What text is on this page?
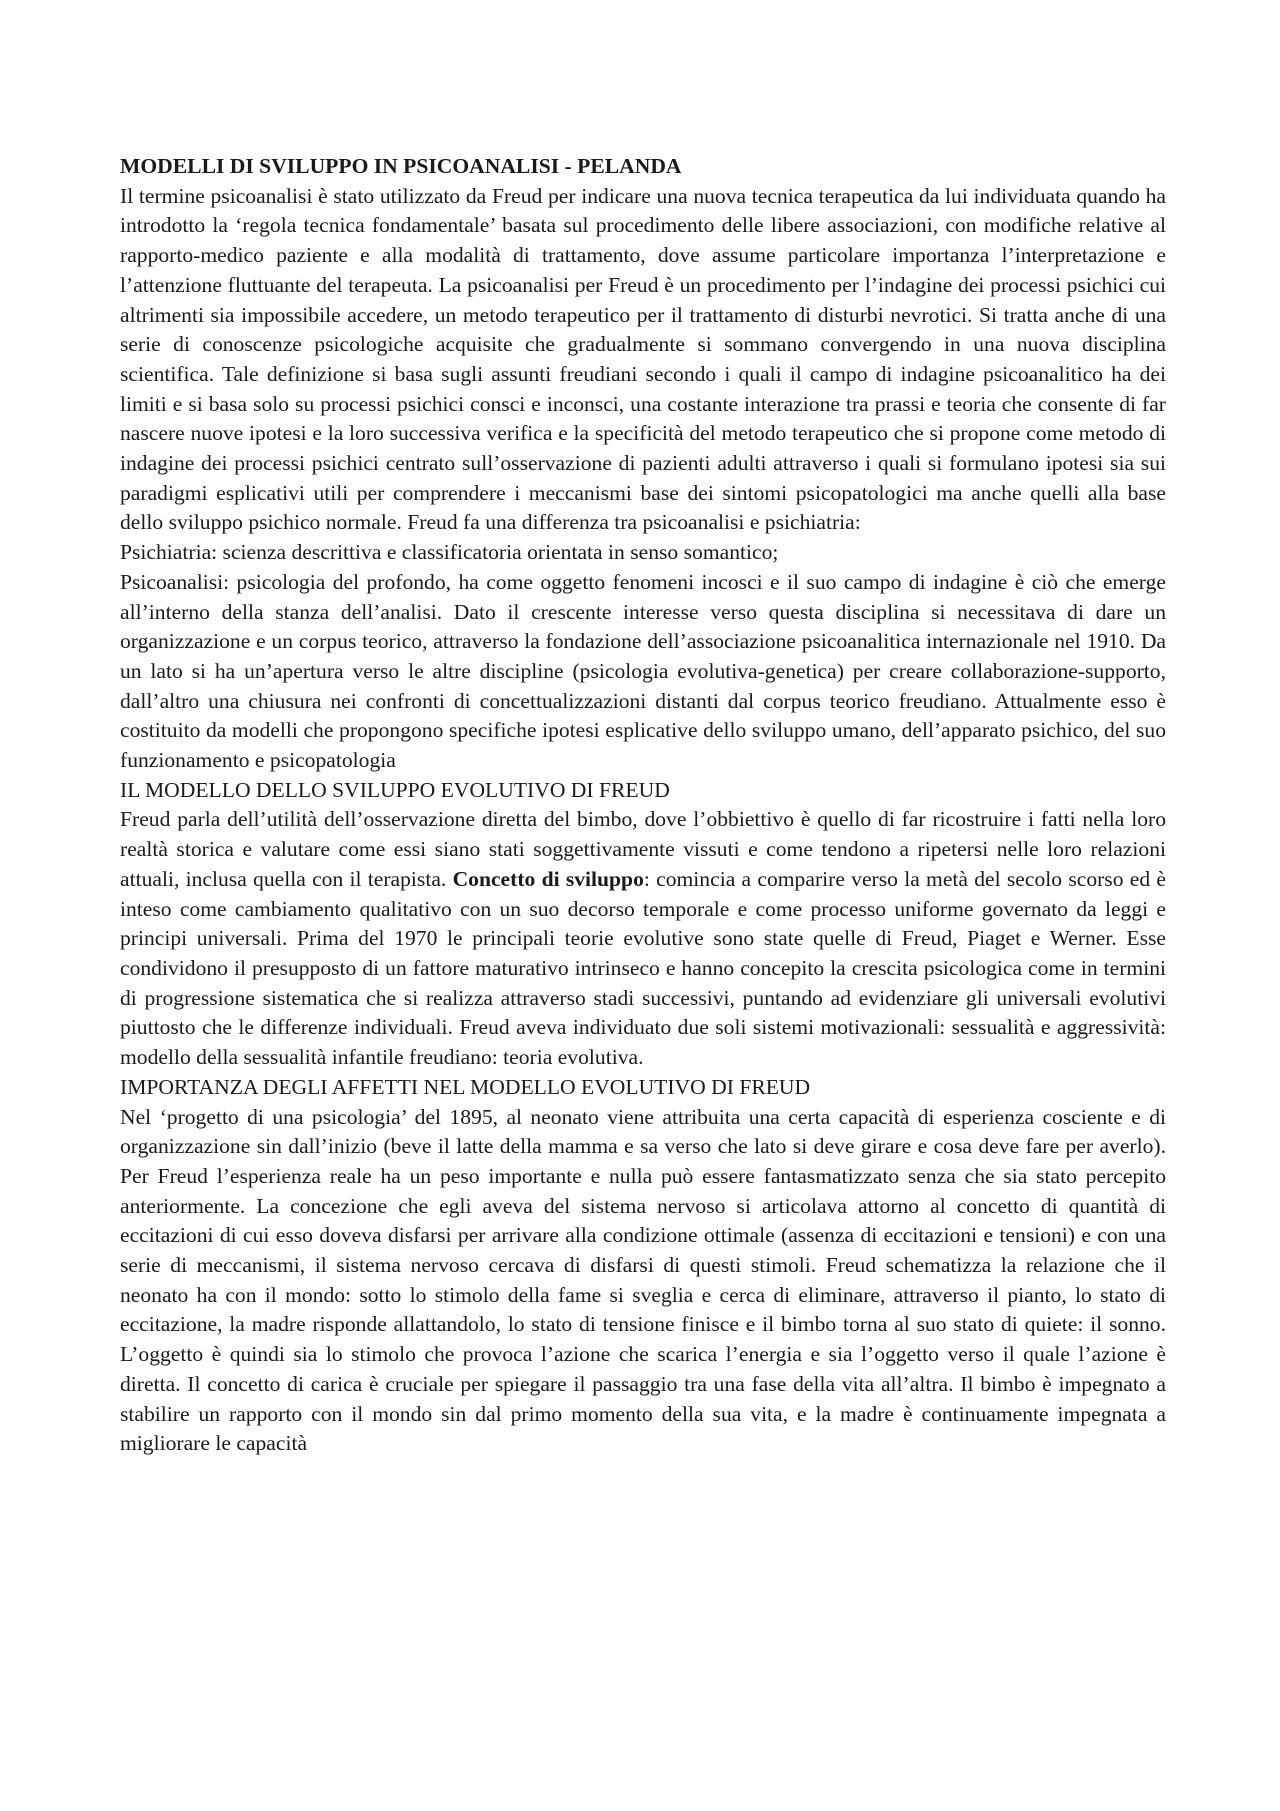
MODELLI DI SVILUPPO IN PSICOANALISI - PELANDA

Il termine psicoanalisi è stato utilizzato da Freud per indicare una nuova tecnica terapeutica da lui individuata quando ha introdotto la ‘regola tecnica fondamentale’ basata sul procedimento delle libere associazioni, con modifiche relative al rapporto-medico paziente e alla modalità di trattamento, dove assume particolare importanza l’interpretazione e l’attenzione fluttuante del terapeuta. La psicoanalisi per Freud è un procedimento per l’indagine dei processi psichici cui altrimenti sia impossibile accedere, un metodo terapeutico per il trattamento di disturbi nevrotici. Si tratta anche di una serie di conoscenze psicologiche acquisite che gradualmente si sommano convergendo in una nuova disciplina scientifica. Tale definizione si basa sugli assunti freudiani secondo i quali il campo di indagine psicoanalitico ha dei limiti e si basa solo su processi psichici consci e inconsci, una costante interazione tra prassi e teoria che consente di far nascere nuove ipotesi e la loro successiva verifica e la specificità del metodo terapeutico che si propone come metodo di indagine dei processi psichici centrato sull’osservazione di pazienti adulti attraverso i quali si formulano ipotesi sia sui paradigmi esplicativi utili per comprendere i meccanismi base dei sintomi psicopatologici ma anche quelli alla base dello sviluppo psichico normale. Freud fa una differenza tra psicoanalisi e psichiatria:

Psichiatria: scienza descrittiva e classificatoria orientata in senso somantico;

Psicoanalisi: psicologia del profondo, ha come oggetto fenomeni incosci e il suo campo di indagine è ciò che emerge all’interno della stanza dell’analisi. Dato il crescente interesse verso questa disciplina si necessitava di dare un organizzazione e un corpus teorico, attraverso la fondazione dell’associazione psicoanalitica internazionale nel 1910. Da un lato si ha un’apertura verso le altre discipline (psicologia evolutiva-genetica) per creare collaborazione-supporto, dall’altro una chiusura nei confronti di concettualizzazioni distanti dal corpus teorico freudiano. Attualmente esso è costituito da modelli che propongono specifiche ipotesi esplicative dello sviluppo umano, dell’apparato psichico, del suo funzionamento e psicopatologia

IL MODELLO DELLO SVILUPPO EVOLUTIVO DI FREUD

Freud parla dell’utilità dell’osservazione diretta del bimbo, dove l’obbiettivo è quello di far ricostruire i fatti nella loro realtà storica e valutare come essi siano stati soggettivamente vissuti e come tendono a ripetersi nelle loro relazioni attuali, inclusa quella con il terapista. Concetto di sviluppo: comincia a comparire verso la metà del secolo scorso ed è inteso come cambiamento qualitativo con un suo decorso temporale e come processo uniforme governato da leggi e principi universali. Prima del 1970 le principali teorie evolutive sono state quelle di Freud, Piaget e Werner. Esse condividono il presupposto di un fattore maturativo intrinseco e hanno concepito la crescita psicologica come in termini di progressione sistematica che si realizza attraverso stadi successivi, puntando ad evidenziare gli universali evolutivi piuttosto che le differenze individuali. Freud aveva individuato due soli sistemi motivazionali: sessualità e aggressività: modello della sessualità infantile freudiano: teoria evolutiva.

IMPORTANZA DEGLI AFFETTI NEL MODELLO EVOLUTIVO DI FREUD

Nel ‘progetto di una psicologia’ del 1895, al neonato viene attribuita una certa capacità di esperienza cosciente e di organizzazione sin dall’inizio (beve il latte della mamma e sa verso che lato si deve girare e cosa deve fare per averlo). Per Freud l’esperienza reale ha un peso importante e nulla può essere fantasmatizzato senza che sia stato percepito anteriormente. La concezione che egli aveva del sistema nervoso si articolava attorno al concetto di quantità di eccitazioni di cui esso doveva disfarsi per arrivare alla condizione ottimale (assenza di eccitazioni e tensioni) e con una serie di meccanismi, il sistema nervoso cercava di disfarsi di questi stimoli. Freud schematizza la relazione che il neonato ha con il mondo: sotto lo stimolo della fame si sveglia e cerca di eliminare, attraverso il pianto, lo stato di eccitazione, la madre risponde allattandolo, lo stato di tensione finisce e il bimbo torna al suo stato di quiete: il sonno. L’oggetto è quindi sia lo stimolo che provoca l’azione che scarica l’energia e sia l’oggetto verso il quale l’azione è diretta. Il concetto di carica è cruciale per spiegare il passaggio tra una fase della vita all’altra. Il bimbo è impegnato a stabilire un rapporto con il mondo sin dal primo momento della sua vita, e la madre è continuamente impegnata a migliorare le capacità
